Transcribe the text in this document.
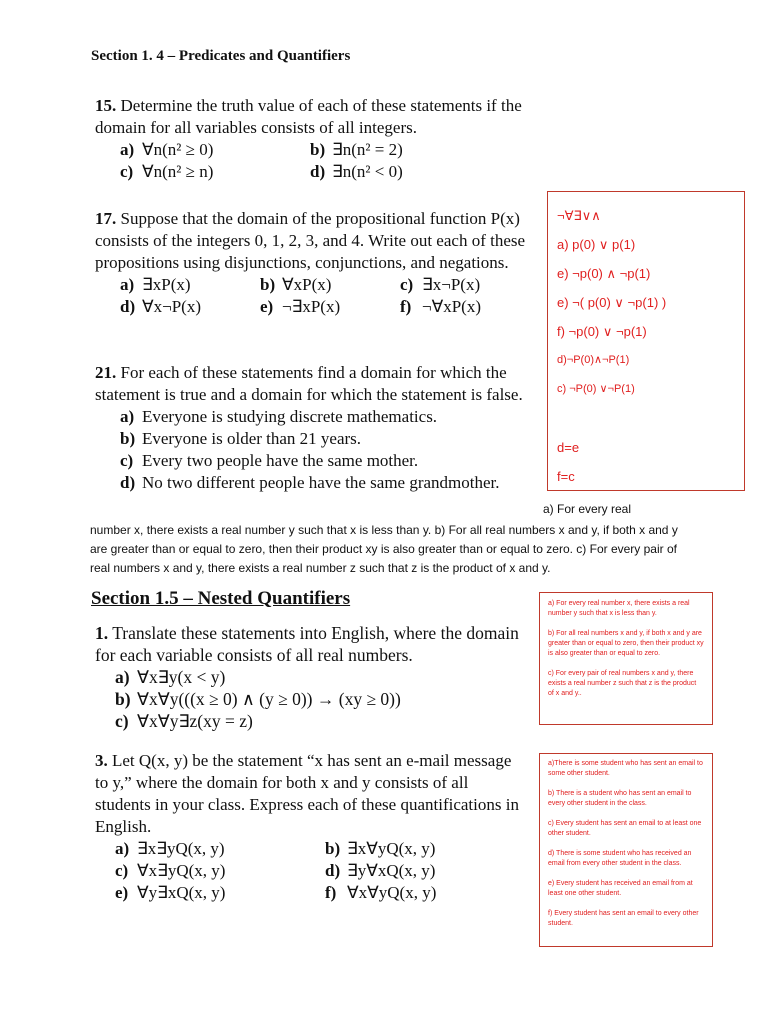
Section 1. 4 – Predicates and Quantifiers
15. Determine the truth value of each of these statements if the domain for all variables consists of all integers.
a) ∀n(n² ≥ 0)	b) ∃n(n² = 2)
c) ∀n(n² ≥ n)	d) ∃n(n² < 0)
17. Suppose that the domain of the propositional function P(x) consists of the integers 0, 1, 2, 3, and 4. Write out each of these propositions using disjunctions, conjunctions, and negations.
a) ∃xP(x)	b) ∀xP(x)	c) ∃x¬P(x)
d) ∀x¬P(x)	e) ¬∃xP(x)	f) ¬∀xP(x)
21. For each of these statements find a domain for which the statement is true and a domain for which the statement is false.
a) Everyone is studying discrete mathematics.
b) Everyone is older than 21 years.
c) Every two people have the same mother.
d) No two different people have the same grandmother.
¬∀∃∨∧
a) p(0) ∨ p(1)
e) ¬p(0) ∧ ¬p(1)
e) ¬( p(0) ∨ ¬p(1) )
f) ¬p(0) ∨ ¬p(1)
d)¬P(0)∧¬P(1)
c) ¬P(0) ∨¬P(1)
d=e
f=c
a) For every real
number x, there exists a real number y such that x is less than y. b) For all real numbers x and y, if both x and y are greater than or equal to zero, then their product xy is also greater than or equal to zero. c) For every pair of real numbers x and y, there exists a real number z such that z is the product of x and y.
Section 1.5 – Nested Quantifiers
1. Translate these statements into English, where the domain for each variable consists of all real numbers.
a) ∀x∃y(x < y)
b) ∀x∀y(((x ≥ 0) ∧ (y ≥ 0)) → (xy ≥ 0))
c) ∀x∀y∃z(xy = z)
3. Let Q(x, y) be the statement “x has sent an e-mail message to y,” where the domain for both x and y consists of all students in your class. Express each of these quantifications in English.
a) ∃x∃yQ(x, y)	b) ∃x∀yQ(x, y)
c) ∀x∃yQ(x, y)	d) ∃y∀xQ(x, y)
e) ∀y∃xQ(x, y)	f) ∀x∀yQ(x, y)
a) For every real number x, there exists a real number y such that x is less than y.
b) For all real numbers x and y, if both x and y are greater than or equal to zero, then their product xy is also greater than or equal to zero.
c) For every pair of real numbers x and y, there exists a real number z such that z is the product of x and y..
a)There is some student who has sent an email to some other student.
b) There is a student who has sent an email to every other student in the class.
c) Every student has sent an email to at least one other student.
d) There is some student who has received an email from every other student in the class.
e) Every student has received an email from at least one other student.
f) Every student has sent an email to every other student.
